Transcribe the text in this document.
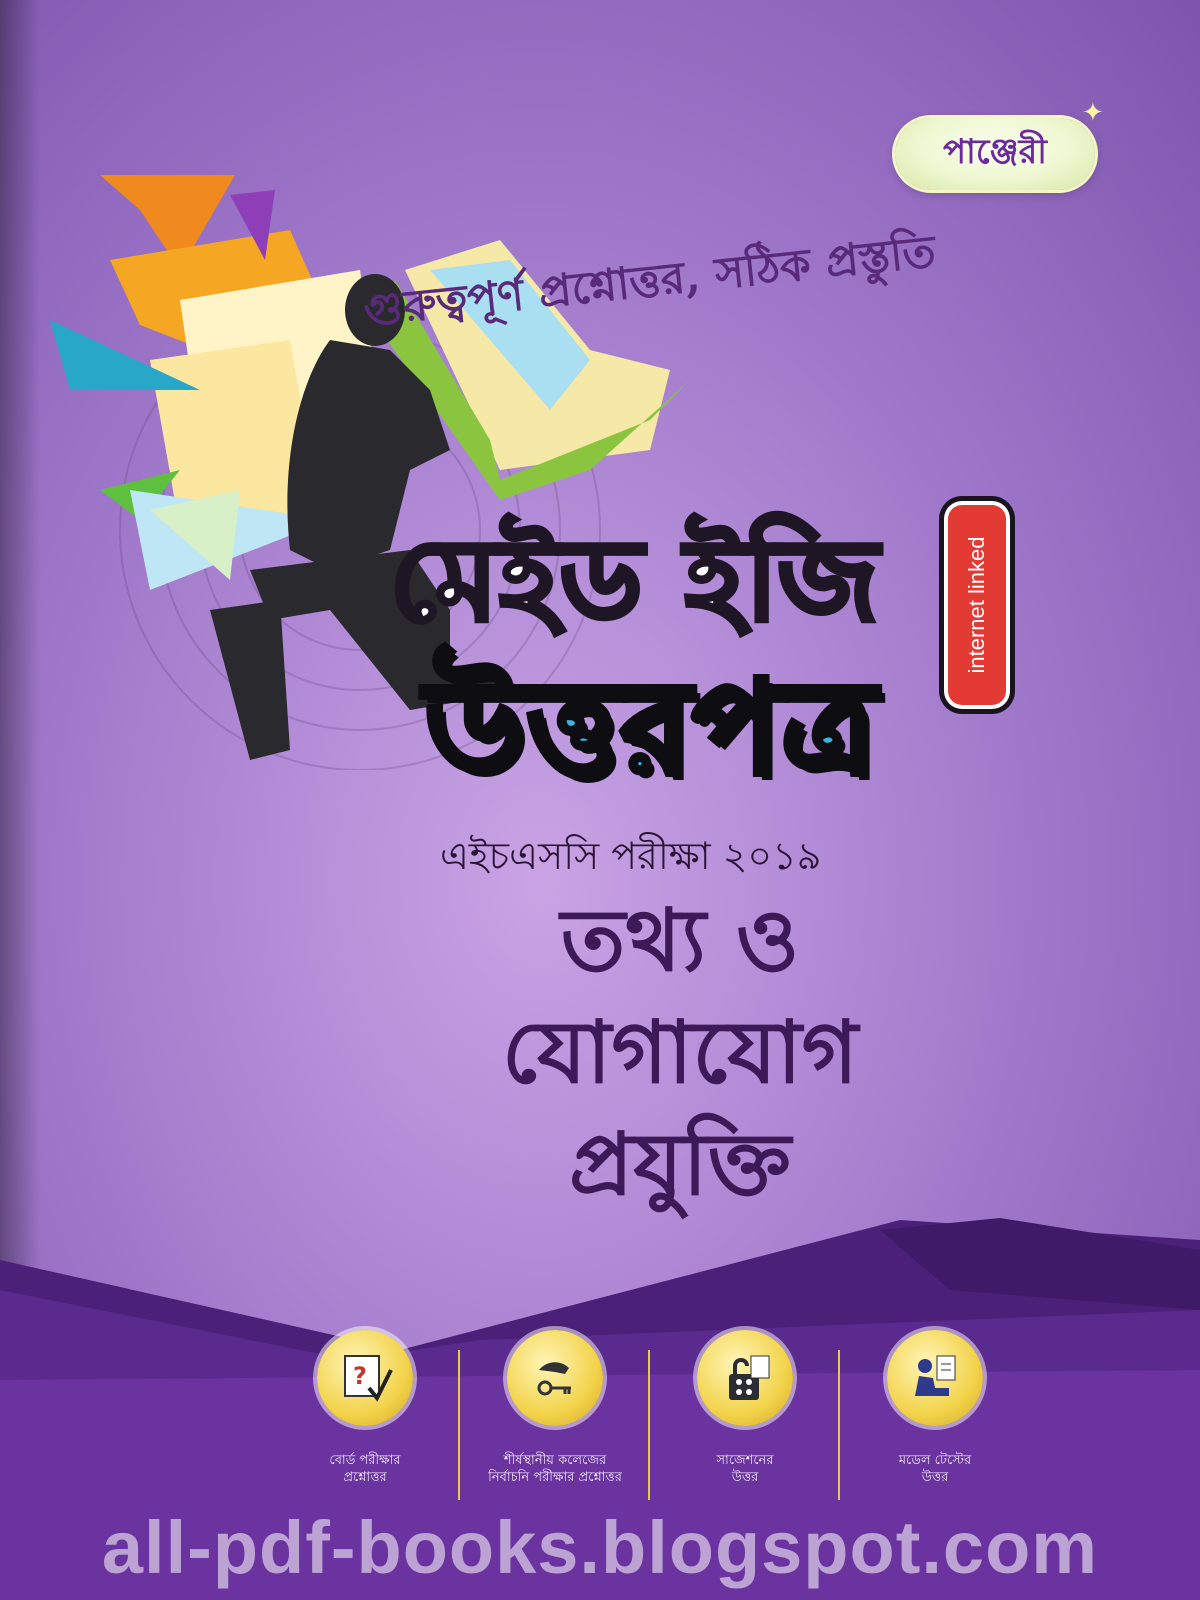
পাঞ্জেরী
✦
গুরুত্বপূর্ণ প্রশ্নোত্তর, সঠিক প্রস্তুতি
মেইড ইজি
উত্তরপত্র
internet linked
এইচএসসি পরীক্ষা ২০১৯
তথ্য ও
যোগাযোগ
প্রযুক্তি
?
বোর্ড পরীক্ষার
প্রশ্নোত্তর
শীর্ষস্থানীয় কলেজের
নির্বাচনি পরীক্ষার প্রশ্নোত্তর
সাজেশনের
উত্তর
মডেল টেস্টের
উত্তর
all-pdf-books.blogspot.com
